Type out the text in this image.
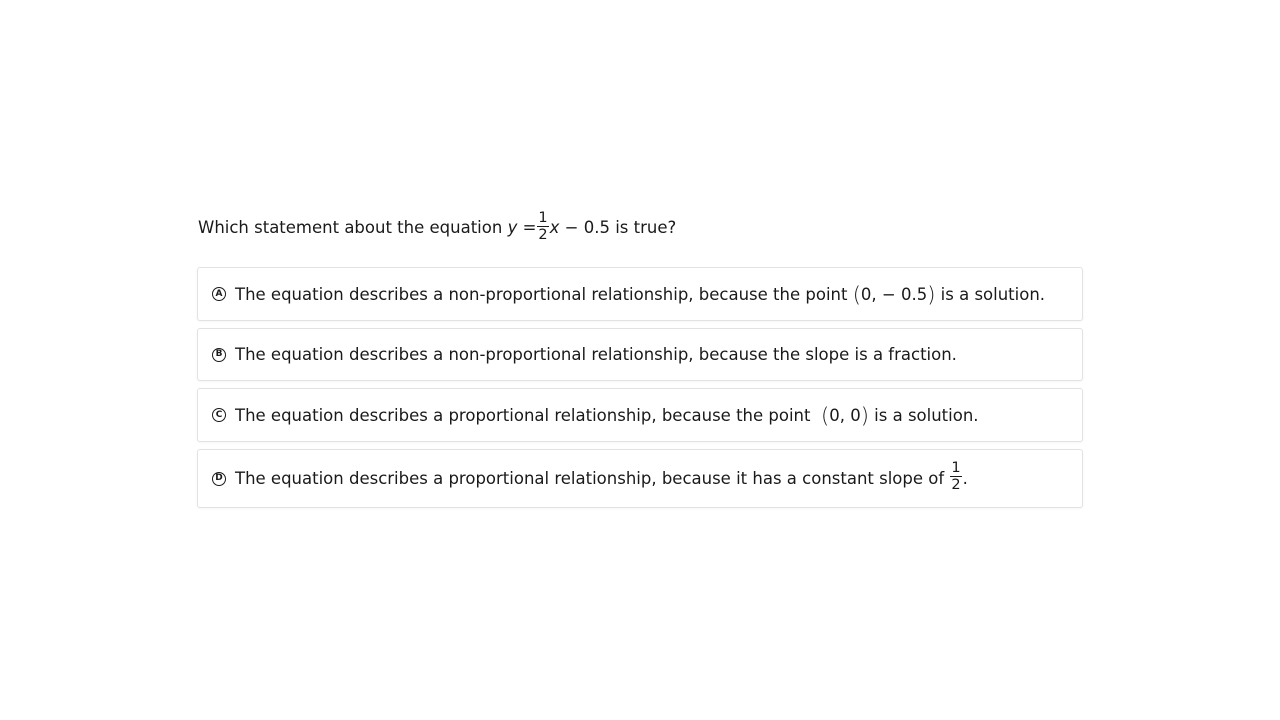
Which statement about the equation $y = \frac{1}{2}$ x − 0.5 is true?
A The equation describes a non-proportional relationship, because the point
( 0, − 0.5 )
is a solution.
B The equation describes a non-proportional relationship, because the slope is a fraction.
C The equation describes a proportional relationship, because the point
( 0, 0 )
is a solution.
D The equation describes a proportional relationship, because it has a constant slope of
$\frac{1}{2}$ .
